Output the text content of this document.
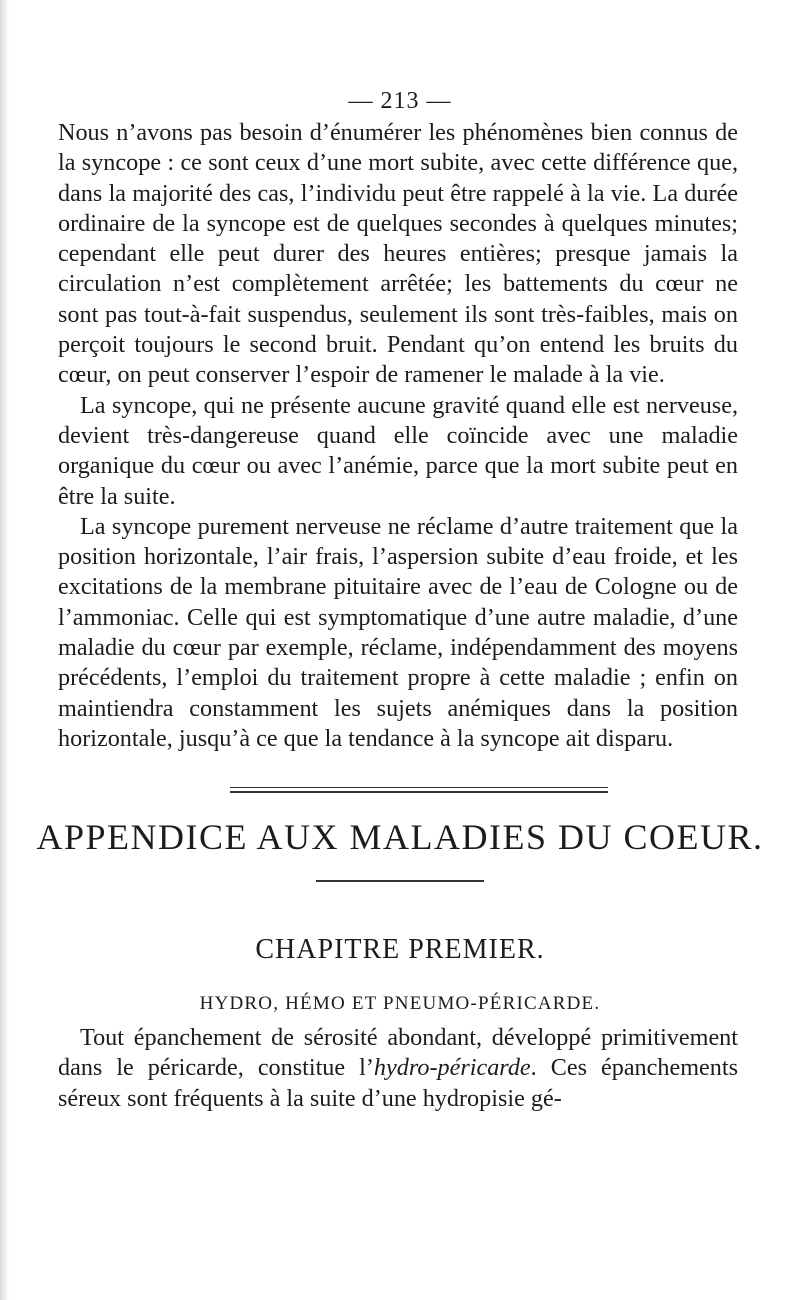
— 213 —

Nous n’avons pas besoin d’énumérer les phénomènes bien connus de la syncope : ce sont ceux d’une mort subite, avec cette différence que, dans la majorité des cas, l’individu peut être rappelé à la vie. La durée ordinaire de la syncope est de quelques secondes à quelques minutes; cependant elle peut durer des heures entières; presque jamais la circulation n’est complètement arrêtée; les battements du cœur ne sont pas tout-à-fait suspendus, seulement ils sont très-faibles, mais on perçoit toujours le second bruit. Pendant qu’on entend les bruits du cœur, on peut conserver l’espoir de ramener le malade à la vie.

La syncope, qui ne présente aucune gravité quand elle est nerveuse, devient très-dangereuse quand elle coïncide avec une maladie organique du cœur ou avec l’anémie, parce que la mort subite peut en être la suite.

La syncope purement nerveuse ne réclame d’autre traitement que la position horizontale, l’air frais, l’aspersion subite d’eau froide, et les excitations de la membrane pituitaire avec de l’eau de Cologne ou de l’ammoniac. Celle qui est symptomatique d’une autre maladie, d’une maladie du cœur par exemple, réclame, indépendamment des moyens précédents, l’emploi du traitement propre à cette maladie ; enfin on maintiendra constamment les sujets anémiques dans la position horizontale, jusqu’à ce que la tendance à la syncope ait disparu.

APPENDICE AUX MALADIES DU COEUR.
CHAPITRE PREMIER.
HYDRO, HÉMO ET PNEUMO-PÉRICARDE.

Tout épanchement de sérosité abondant, développé primitivement dans le péricarde, constitue l’hydro-péricarde. Ces épanchements séreux sont fréquents à la suite d’une hydropisie gé-
